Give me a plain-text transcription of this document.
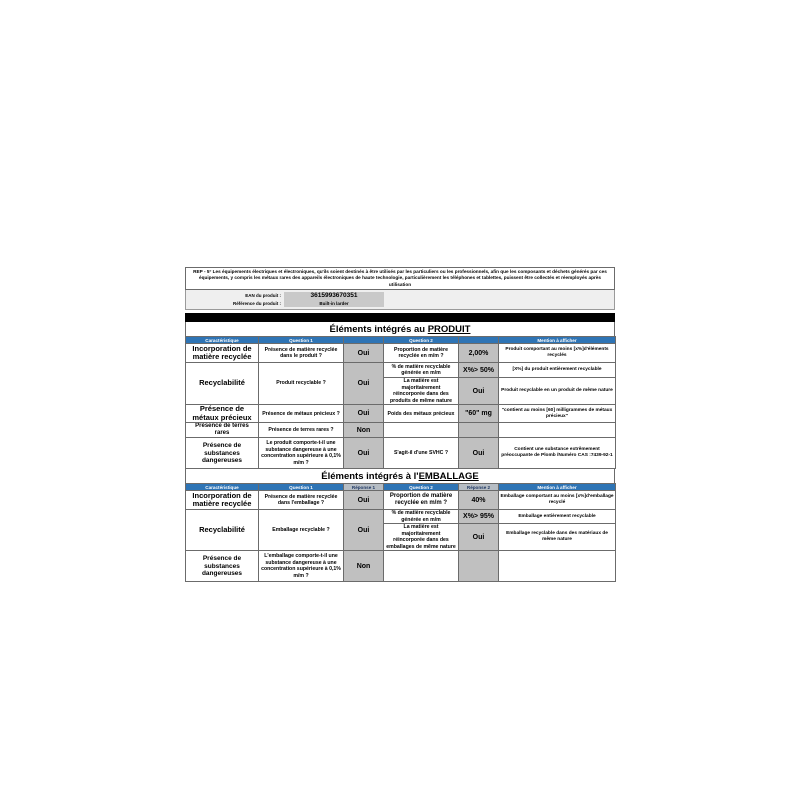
REP - 5° Les équipements électriques et électroniques, qu'ils soient destinés à être utilisés par les particuliers ou les professionnels, afin que les composants et déchets générés par ces équipements, y compris les métaux rares des appareils électroniques de haute technologie, particulièrement les téléphones et tablettes, puissent être collectés et réemployés après utilisation
EAN du produit :	3615993670351
Référence du produit :	Built-in larder
Éléments intégrés au PRODUIT
Caractéristique	Question 1		Question 2		Mention à afficher
Incorporation de matière recyclée	Présence de matière recyclée dans le produit ?	Oui	Proportion de matière recyclée en m/m ?	2,00%	Produit comportant au moins [x%]d'éléments recyclés
Recyclabilité	Produit recyclable ?	Oui	% de matière recyclable générée en m/m	X%> 50%	[X%] du produit entièrement recyclable
			La matière est majoritairement réincorporée dans des produits de même nature	Oui	Produit recyclable en un produit de même nature
Présence de métaux précieux	Présence de métaux précieux ?	Oui	Poids des métaux précieux	"60" mg	"contient au moins [60] milligrammes de métaux précieux"
Présence de terres rares	Présence de terres rares ?	Non			
Présence de substances dangereuses	Le produit comporte-t-il une substance dangereuse à une concentration supérieure à 0,1% m/m ?	Oui	S'agit-il d'une SVHC ?	Oui	Contient une substance extrêmement préoccupante de Plomb /Numéro CAS :7439-92-1
Éléments intégrés à l'EMBALLAGE
Caractéristique	Question 1	Réponse 1	Question 2	Réponse 2	Mention à afficher
Incorporation de matière recyclée	Présence de matière recyclée dans l'emballage ?	Oui	Proportion de matière recyclée en m/m ?	40%	Emballage comportant au moins [x%]d'emballage recyclé
Recyclabilité	Emballage recyclable ?	Oui	% de matière recyclable générée en m/m	X%> 95%	Emballage entièrement recyclable
			La matière est majoritairement réincorporée dans des emballages de même nature	Oui	Emballage recyclable dans des matériaux de même nature
Présence de substances dangereuses	L'emballage comporte-t-il une substance dangereuse à une concentration supérieure à 0,1% m/m ?	Non			
